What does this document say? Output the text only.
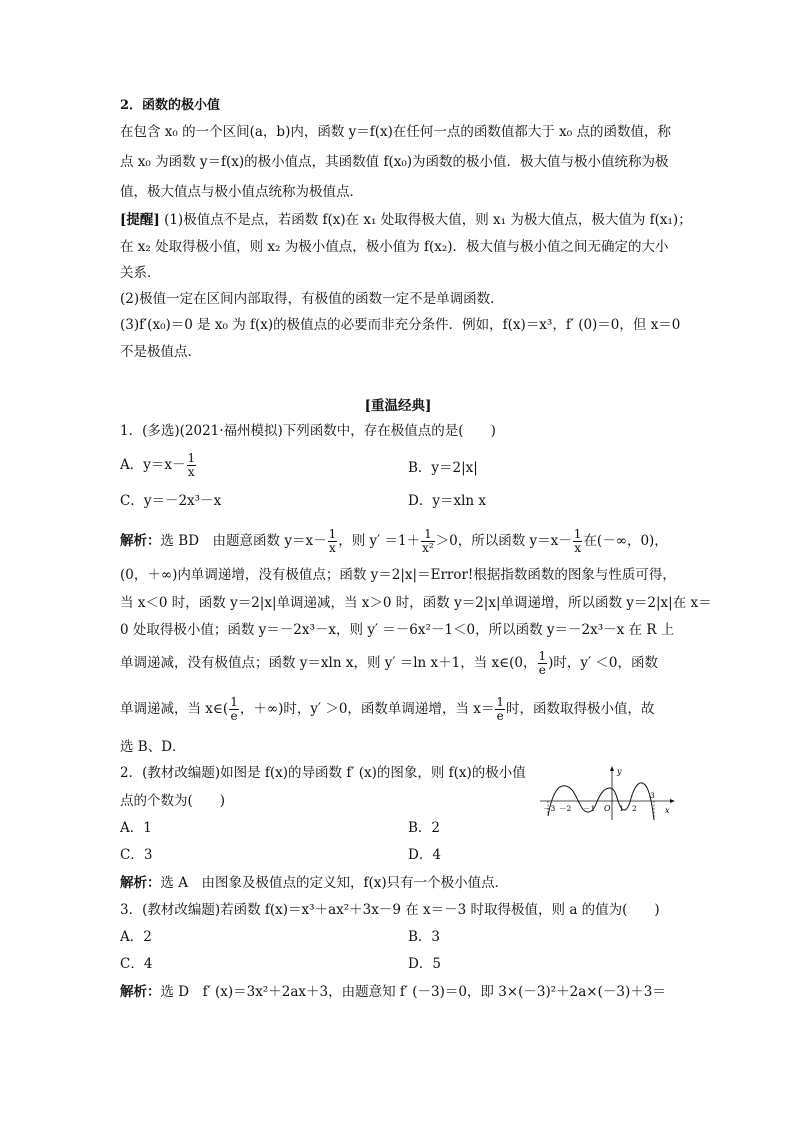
2．函数的极小值
在包含 x₀ 的一个区间(a，b)内，函数 y＝f(x)在任何一点的函数值都大于 x₀ 点的函数值，称
点 x₀ 为函数 y＝f(x)的极小值点，其函数值 f(x₀)为函数的极小值．极大值与极小值统称为极
值，极大值点与极小值点统称为极值点．
[提醒] (1)极值点不是点，若函数 f(x)在 x₁ 处取得极大值，则 x₁ 为极大值点，极大值为 f(x₁)；
在 x₂ 处取得极小值，则 x₂ 为极小值点，极小值为 f(x₂)．极大值与极小值之间无确定的大小
关系．
(2)极值一定在区间内部取得，有极值的函数一定不是单调函数．
(3)f′(x₀)＝0 是 x₀ 为 f(x)的极值点的必要而非充分条件．例如，f(x)＝x³，f′ (0)＝0，但 x＝0
不是极值点．
[重温经典]
1．(多选)(2021·福州模拟)下列函数中，存在极值点的是(　　)
A．$y=x- \frac{1}{x}$	B．y＝2|x|
C．y＝－2x³－x	D．y＝xln x
解析：选 BD　由题意函数 $y=x- \frac{1}{x}$ ，则 $y' =1+ \frac{1}{\text{x²}} >0$，所以函数 $y=x- \frac{1}{x}$ 在(－∞，0)，
(0，＋∞)内单调递增，没有极值点；函数 y＝2|x|＝Error!根据指数函数的图象与性质可得，
当 x＜0 时，函数 y＝2|x|单调递减，当 x＞0 时，函数 y＝2|x|单调递增，所以函数 y＝2|x|在 x＝
0 处取得极小值；函数 y＝－2x³－x，则 y′ ＝－6x²－1＜0，所以函数 y＝－2x³－x 在 R 上
单调递减，没有极值点；函数 y＝xln x，则 y′ ＝ln x＋1，当 x∈(0， $\frac{1}{e}$ )时，y′ ＜0，函数
单调递减，当 x∈( $\frac{1}{e}$ ，＋∞)时，y′ ＞0，函数单调递增，当 $x= \frac{1}{e}$ 时，函数取得极小值，故
选 B、D．
2．(教材改编题)如图是 f(x)的导函数 f′ (x)的图象，则 f(x)的极小值
点的个数为(　　)
y
x
O
－3 －2 －1	1 2
3
A．1	B．2
C．3	D．4
解析：选 A　由图象及极值点的定义知，f(x)只有一个极小值点．
3．(教材改编题)若函数 f(x)＝x³＋ax²＋3x－9 在 x＝－3 时取得极值，则 a 的值为(　　)
A．2	B．3
C．4	D．5
解析：选 D　f′ (x)＝3x²＋2ax＋3，由题意知 f′ (－3)＝0，即 3×(－3)²＋2a×(－3)＋3＝
